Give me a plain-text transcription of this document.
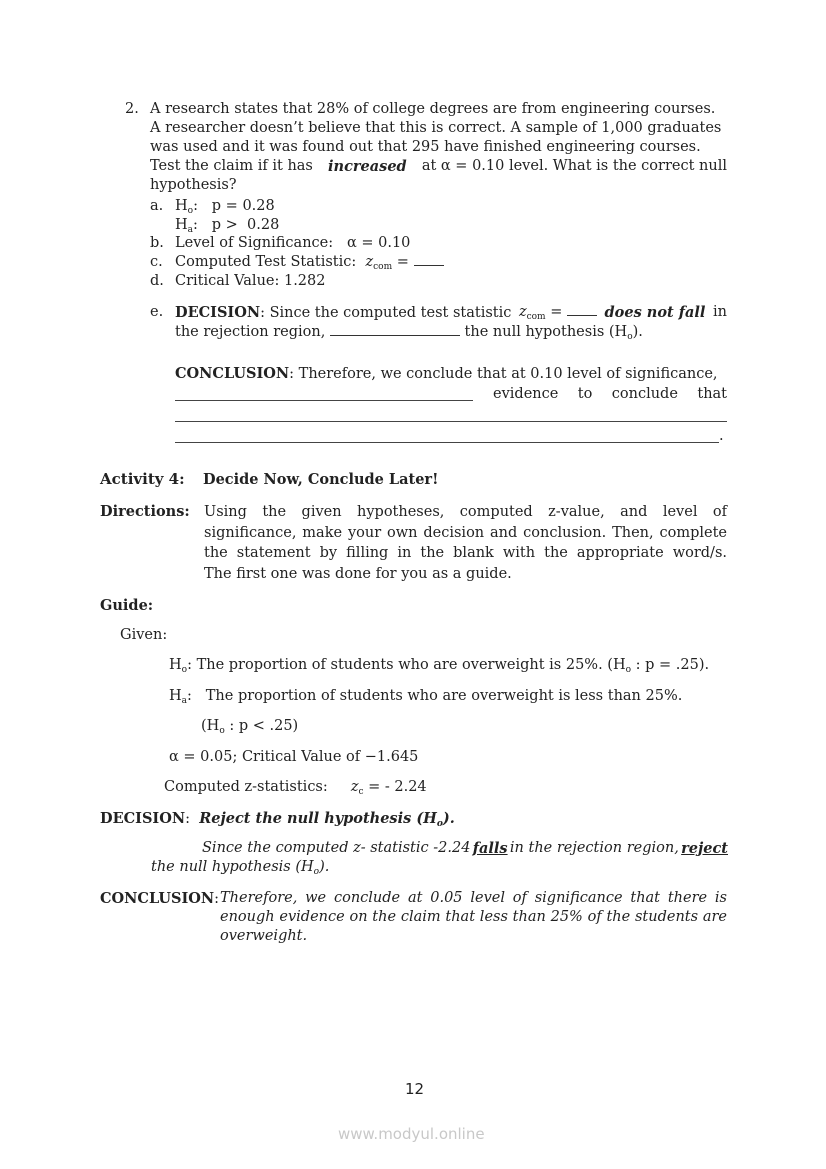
2. A research states that 28% of college degrees are from engineering courses.
A researcher doesn’t believe that this is correct. A sample of 1,000 graduates
was used and it was found out that 295 have finished engineering courses.
Test the claim if it has increased at α = 0.10 level. What is the correct null
hypothesis?
a. $H_o$:   p = 0.28
$H_a$:   p >  0.28
b. Level of Significance:   α = 0.10
c. Computed Test Statistic: $z_{com}$ =
d. Critical Value: 1.282
e. DECISION: Since the computed test statistic $z_{com}$ =	does not fall in
the rejection region,	the null hypothesis $(H_o)$.
CONCLUSION: Therefore, we conclude that at 0.10 level of significance,
evidence to conclude that
.
Activity 4: Decide Now, Conclude Later!
Directions: Using the given hypotheses, computed z-value, and level of
significance, make your own decision and conclusion. Then, complete
the statement by filling in the blank with the appropriate word/s.
The first one was done for you as a guide.
Guide:
Given:
$H_o$: The proportion of students who are overweight is 25%. ($H_o$ : p = .25).
$H_a$:   The proportion of students who are overweight is less than 25%.
($H_o$ : p < .25)
α = 0.05; Critical Value of −1.645
Computed z-statistics: $z_c$ = - 2.24
DECISION: Reject the null hypothesis $(H_o)$.
Since the computed z- statistic -2.24 falls in the rejection region, reject
the null hypothesis $(H_o)$.
CONCLUSION: Therefore, we conclude at 0.05 level of significance that there is
enough evidence on the claim that less than 25% of the students are
overweight.
12
www.modyul.online
